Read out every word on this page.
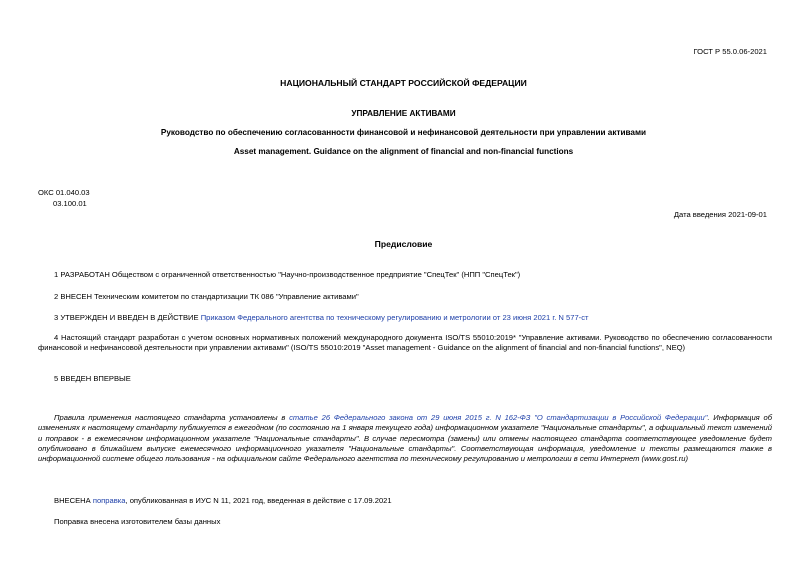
ГОСТ Р 55.0.06-2021
НАЦИОНАЛЬНЫЙ СТАНДАРТ РОССИЙСКОЙ ФЕДЕРАЦИИ
УПРАВЛЕНИЕ АКТИВАМИ
Руководство по обеспечению согласованности финансовой и нефинансовой деятельности при управлении активами
Asset management. Guidance on the alignment of financial and non-financial functions
ОКС 01.040.03
03.100.01
Дата введения 2021-09-01
Предисловие
1 РАЗРАБОТАН Обществом с ограниченной ответственностью "Научно-производственное предприятие "СпецТек" (НПП "СпецТек")
2 ВНЕСЕН Техническим комитетом по стандартизации ТК 086 "Управление активами"
3 УТВЕРЖДЕН И ВВЕДЕН В ДЕЙСТВИЕ Приказом Федерального агентства по техническому регулированию и метрологии от 23 июня 2021 г. N 577-ст
4 Настоящий стандарт разработан с учетом основных нормативных положений международного документа ISO/TS 55010:2019* "Управление активами. Руководство по обеспечению согласованности финансовой и нефинансовой деятельности при управлении активами" (ISO/TS 55010:2019 "Asset management - Guidance on the alignment of financial and non-financial functions", NEQ)
5 ВВЕДЕН ВПЕРВЫЕ
Правила применения настоящего стандарта установлены в статье 26 Федерального закона от 29 июня 2015 г. N 162-ФЗ "О стандартизации в Российской Федерации". Информация об изменениях к настоящему стандарту публикуется в ежегодном (по состоянию на 1 января текущего года) информационном указателе "Национальные стандарты", а официальный текст изменений и поправок - в ежемесячном информационном указателе "Национальные стандарты". В случае пересмотра (замены) или отмены настоящего стандарта соответствующее уведомление будет опубликовано в ближайшем выпуске ежемесячного информационного указателя "Национальные стандарты". Соответствующая информация, уведомление и тексты размещаются также в информационной системе общего пользования - на официальном сайте Федерального агентства по техническому регулированию и метрологии в сети Интернет (www.gost.ru)
ВНЕСЕНА поправка, опубликованная в ИУС N 11, 2021 год, введенная в действие с 17.09.2021
Поправка внесена изготовителем базы данных
